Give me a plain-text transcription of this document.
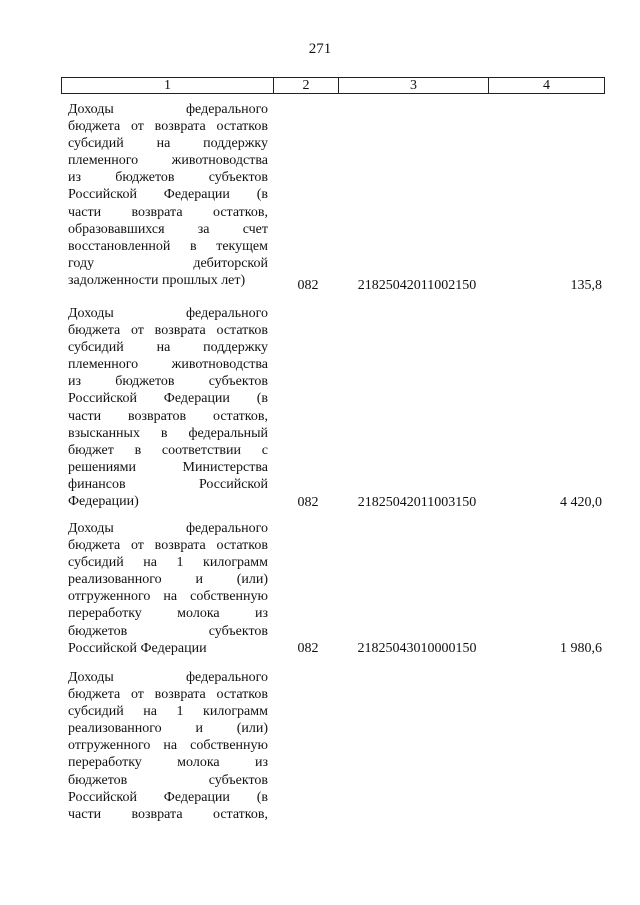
271
1	2	3	4
Доходы федерального
бюджета от возврата остатков
субсидий на поддержку
племенного животноводства
из бюджетов субъектов
Российской Федерации (в
части возврата остатков,
образовавшихся за счет
восстановленной в текущем
году дебиторской
задолженности прошлых лет)	082	21825042011002150	135,8
Доходы федерального
бюджета от возврата остатков
субсидий на поддержку
племенного животноводства
из бюджетов субъектов
Российской Федерации (в
части возвратов остатков,
взысканных в федеральный
бюджет в соответствии с
решениями Министерства
финансов Российской
Федерации)	082	21825042011003150	4 420,0
Доходы федерального
бюджета от возврата остатков
субсидий на 1 килограмм
реализованного и (или)
отгруженного на собственную
переработку молока из
бюджетов субъектов
Российской Федерации	082	21825043010000150	1 980,6
Доходы федерального
бюджета от возврата остатков
субсидий на 1 килограмм
реализованного и (или)
отгруженного на собственную
переработку молока из
бюджетов субъектов
Российской Федерации (в
части возврата остатков,
